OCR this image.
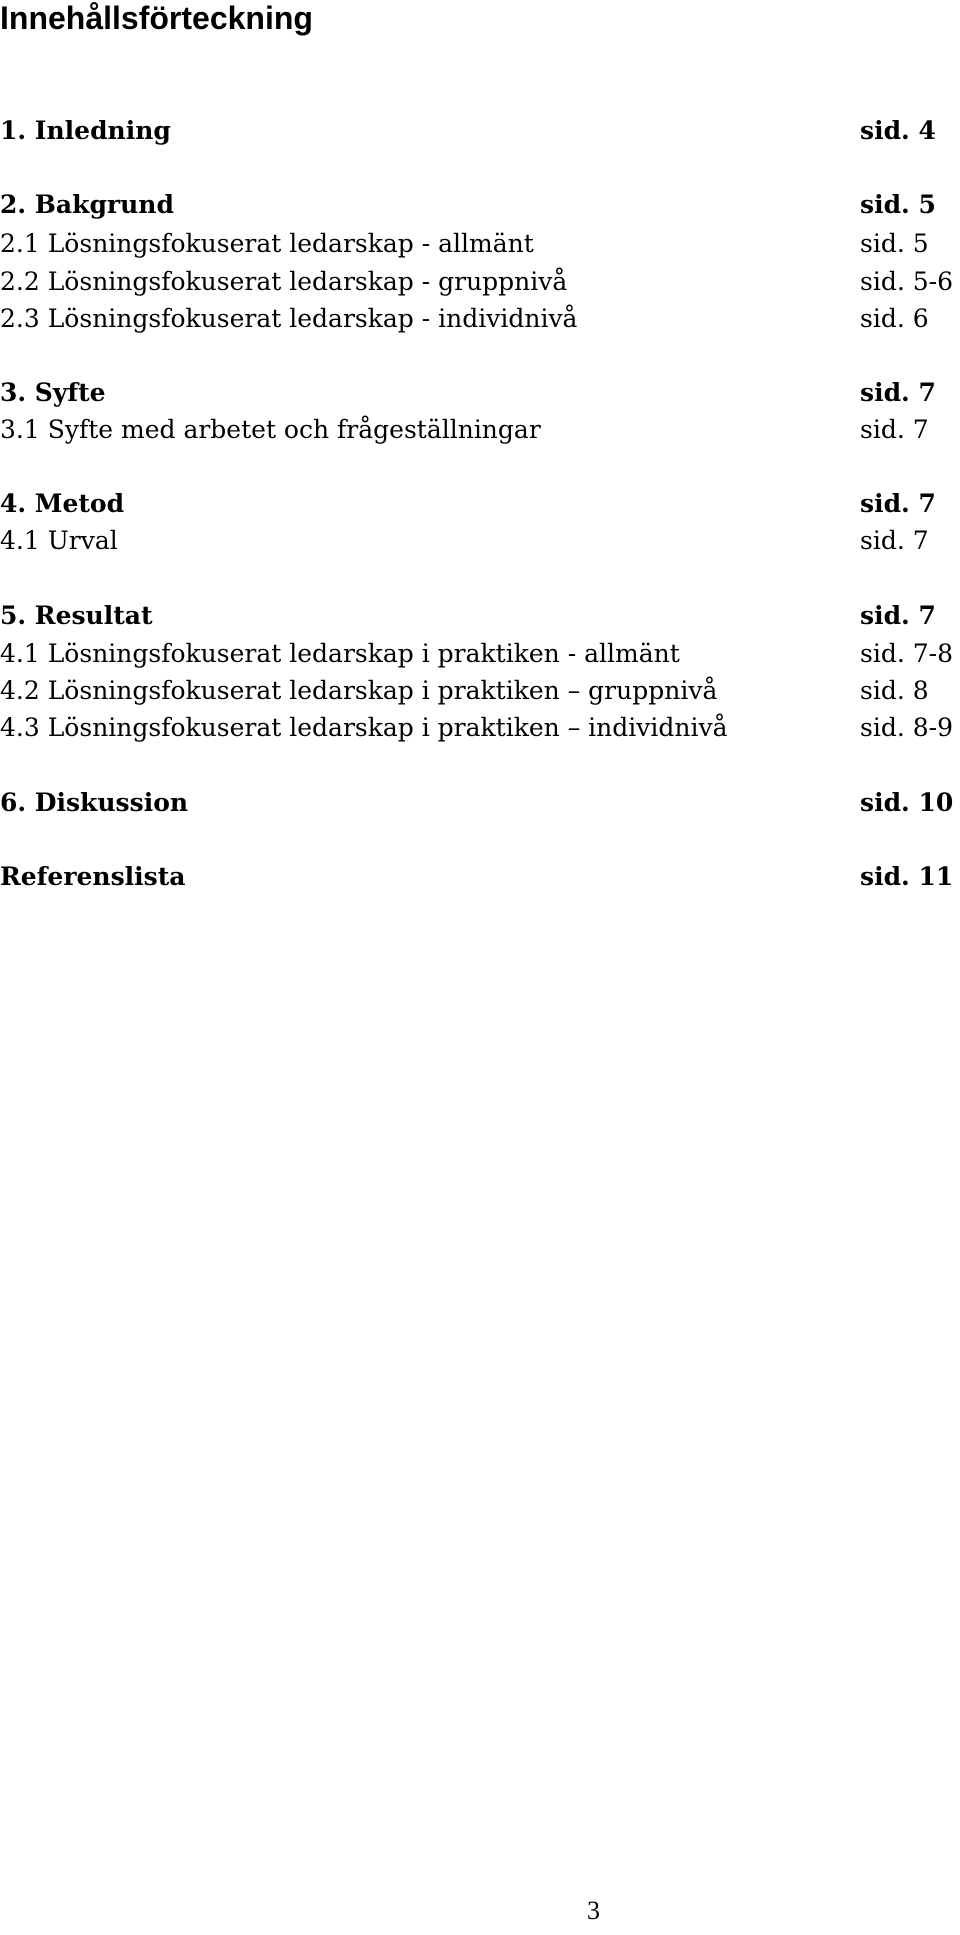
Innehållsförteckning
1. Inledning	sid. 4
2. Bakgrund	sid. 5
2.1 Lösningsfokuserat ledarskap - allmänt	sid. 5
2.2 Lösningsfokuserat ledarskap - gruppnivå	sid. 5-6
2.3 Lösningsfokuserat ledarskap - individnivå	sid. 6
3. Syfte	sid. 7
3.1 Syfte med arbetet och frågeställningar	sid. 7
4. Metod	sid. 7
4.1 Urval	sid. 7
5. Resultat	sid. 7
4.1 Lösningsfokuserat ledarskap i praktiken - allmänt	sid. 7-8
4.2 Lösningsfokuserat ledarskap i praktiken – gruppnivå	sid. 8
4.3 Lösningsfokuserat ledarskap i praktiken – individnivå	sid. 8-9
6. Diskussion	sid. 10
Referenslista	sid. 11
3
